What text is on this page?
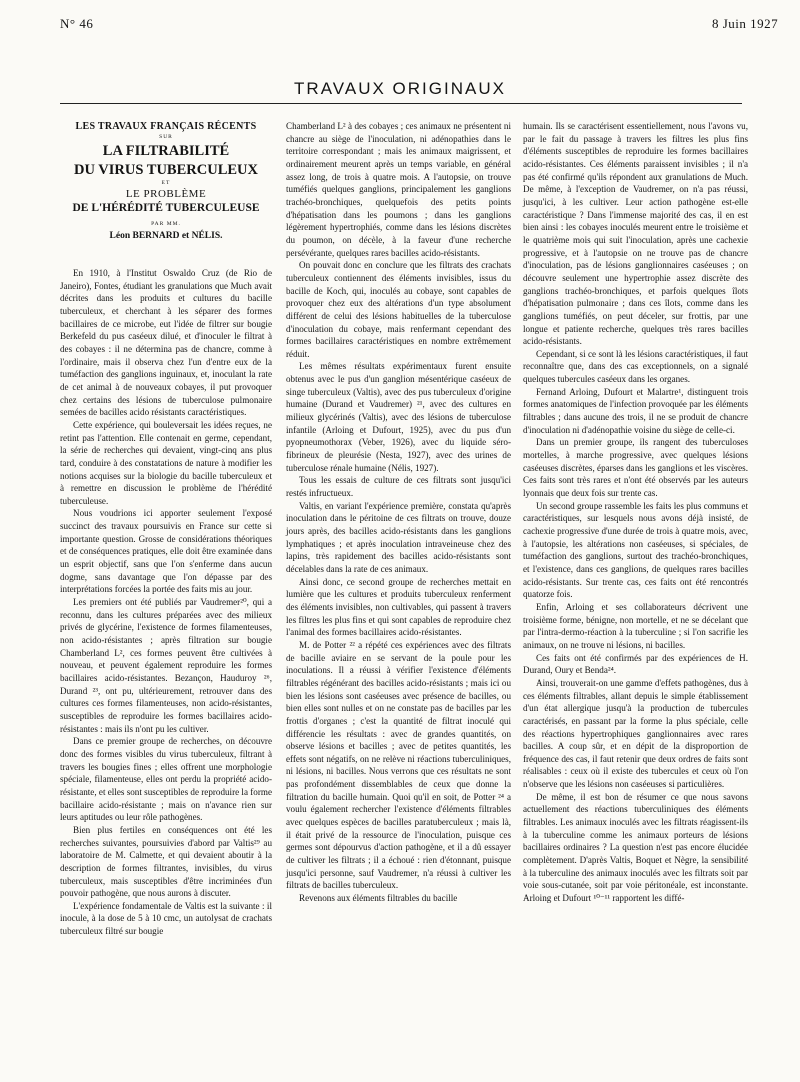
N° 46	8 Juin 1927
TRAVAUX ORIGINAUX
LES TRAVAUX FRANÇAIS RÉCENTS
SUR
LA FILTRABILITÉ
DU VIRUS TUBERCULEUX
ET
LE PROBLÈME
DE L'HÉRÉDITÉ TUBERCULEUSE
PAR MM.
Léon BERNARD et NÉLIS.

En 1910, à l'Institut Oswaldo Cruz (de Rio de Janeiro), Fontes, étudiant les granulations que Much avait décrites dans les produits et cultures du bacille tuberculeux, et cherchant à les séparer des formes bacillaires de ce microbe, eut l'idée de filtrer sur bougie Berkefeld du pus caséeux dilué, et d'inoculer le filtrat à des cobayes : il ne détermina pas de chancre, comme à l'ordinaire, mais il observa chez l'un d'entre eux de la tuméfaction des ganglions inguinaux, et, inoculant la rate de cet animal à de nouveaux cobayes, il put provoquer chez certains des lésions de tuberculose pulmonaire semées de bacilles acido résistants caractéristiques.

Cette expérience, qui bouleversait les idées reçues, ne retint pas l'attention. Elle contenait en germe, cependant, la série de recherches qui devaient, vingt-cinq ans plus tard, conduire à des constatations de nature à modifier les notions acquises sur la biologie du bacille tuberculeux et à remettre en discussion le problème de l'hérédité tuberculeuse.

Nous voudrions ici apporter seulement l'exposé succinct des travaux poursuivis en France sur cette si importante question. Grosse de considérations théoriques et de conséquences pratiques, elle doit être examinée dans un esprit objectif, sans que l'on s'enferme dans aucun dogme, sans davantage que l'on dépasse par des interprétations forcées la portée des faits mis au jour.

Les premiers ont été publiés par Vaudremer²⁰, qui a reconnu, dans les cultures préparées avec des milieux privés de glycérine, l'existence de formes filamenteuses, non acido-résistantes ; après filtration sur bougie Chamberland L², ces formes peuvent être cultivées à nouveau, et peuvent également reproduire les formes bacillaires acido-résistantes. Bezançon, Hauduroy ²⁶, Durand ²³, ont pu, ultérieurement, retrouver dans des cultures ces formes filamenteuses, non acido-résistantes, susceptibles de reproduire les formes bacillaires acido-résistantes : mais ils n'ont pu les cultiver.

Dans ce premier groupe de recherches, on découvre donc des formes visibles du virus tuberculeux, filtrant à travers les bougies fines ; elles offrent une morphologie spéciale, filamenteuse, elles ont perdu la propriété acido-résistante, et elles sont susceptibles de reproduire la forme bacillaire acido-résistante ; mais on n'avance rien sur leurs aptitudes ou leur rôle pathogènes.

Bien plus fertiles en conséquences ont été les recherches suivantes, poursuivies d'abord par Valtis²⁹ au laboratoire de M. Calmette, et qui devaient aboutir à la description de formes filtrantes, invisibles, du virus tuberculeux, mais susceptibles d'être incriminées d'un pouvoir pathogène, que nous aurons à discuter.

L'expérience fondamentale de Valtis est la suivante : il inocule, à la dose de 5 à 10 cmc, un autolysat de crachats tuberculeux filtré sur bougie

Chamberland L² à des cobayes ; ces animaux ne présentent ni chancre au siège de l'inoculation, ni adénopathies dans le territoire correspondant ; mais les animaux maigrissent, et ordinairement meurent après un temps variable, en général assez long, de trois à quatre mois. A l'autopsie, on trouve tuméfiés quelques ganglions, principalement les ganglions trachéo-bronchiques, quelquefois des petits points d'hépatisation dans les poumons ; dans les ganglions légèrement hypertrophiés, comme dans les lésions discrètes du poumon, on décèle, à la faveur d'une recherche persévérante, quelques rares bacilles acido-résistants.

On pouvait donc en conclure que les filtrats des crachats tuberculeux contiennent des éléments invisibles, issus du bacille de Koch, qui, inoculés au cobaye, sont capables de provoquer chez eux des altérations d'un type absolument différent de celui des lésions habituelles de la tuberculose d'inoculation du cobaye, mais renfermant cependant des formes bacillaires caractéristiques en nombre extrêmement réduit.

Les mêmes résultats expérimentaux furent ensuite obtenus avec le pus d'un ganglion mésentérique caséeux de singe tuberculeux (Valtis), avec des pus tuberculeux d'origine humaine (Durand et Vaudremer) ²¹, avec des cultures en milieux glycérinés (Valtis), avec des lésions de tuberculose infantile (Arloing et Dufourt, 1925), avec du pus d'un pyopneumothorax (Veber, 1926), avec du liquide séro-fibrineux de pleurésie (Nesta, 1927), avec des urines de tuberculose rénale humaine (Nélis, 1927).

Tous les essais de culture de ces filtrats sont jusqu'ici restés infructueux.

Valtis, en variant l'expérience première, constata qu'après inoculation dans le péritoine de ces filtrats on trouve, douze jours après, des bacilles acido-résistants dans les ganglions lymphatiques ; et après inoculation intraveineuse chez des lapins, très rapidement des bacilles acido-résistants sont décelables dans la rate de ces animaux.

Ainsi donc, ce second groupe de recherches mettait en lumière que les cultures et produits tuberculeux renferment des éléments invisibles, non cultivables, qui passent à travers les filtres les plus fins et qui sont capables de reproduire chez l'animal des formes bacillaires acido-résistantes.

M. de Potter ²² a répété ces expériences avec des filtrats de bacille aviaire en se servant de la poule pour les inoculations. Il a réussi à vérifier l'existence d'éléments filtrables régénérant des bacilles acido-résistants ; mais ici ou bien les lésions sont caséeuses avec présence de bacilles, ou bien elles sont nulles et on ne constate pas de bacilles par les frottis d'organes ; c'est la quantité de filtrat inoculé qui différencie les résultats : avec de grandes quantités, on observe lésions et bacilles ; avec de petites quantités, les effets sont négatifs, on ne relève ni réactions tuberculiniques, ni lésions, ni bacilles. Nous verrons que ces résultats ne sont pas profondément dissemblables de ceux que donne la filtration du bacille humain. Quoi qu'il en soit, de Potter ²⁴ a voulu également rechercher l'existence d'éléments filtrables avec quelques espèces de bacilles paratuberculeux ; mais là, il était privé de la ressource de l'inoculation, puisque ces germes sont dépourvus d'action pathogène, et il a dû essayer de cultiver les filtrats ; il a échoué : rien d'étonnant, puisque jusqu'ici personne, sauf Vaudremer, n'a réussi à cultiver les filtrats de bacilles tuberculeux.

Revenons aux éléments filtrables du bacille

humain. Ils se caractérisent essentiellement, nous l'avons vu, par le fait du passage à travers les filtres les plus fins d'éléments susceptibles de reproduire les formes bacillaires acido-résistantes. Ces éléments paraissent invisibles ; il n'a pas été confirmé qu'ils répondent aux granulations de Much. De même, à l'exception de Vaudremer, on n'a pas réussi, jusqu'ici, à les cultiver. Leur action pathogène est-elle caractéristique ? Dans l'immense majorité des cas, il en est bien ainsi : les cobayes inoculés meurent entre le troisième et le quatrième mois qui suit l'inoculation, après une cachexie progressive, et à l'autopsie on ne trouve pas de chancre d'inoculation, pas de lésions ganglionnaires caséeuses ; on découvre seulement une hypertrophie assez discrète des ganglions trachéo-bronchiques, et parfois quelques îlots d'hépatisation pulmonaire ; dans ces îlots, comme dans les ganglions tuméfiés, on peut déceler, sur frottis, par une longue et patiente recherche, quelques très rares bacilles acido-résistants.

Cependant, si ce sont là les lésions caractéristiques, il faut reconnaître que, dans des cas exceptionnels, on a signalé quelques tubercules caséeux dans les organes.

Fernand Arloing, Dufourt et Malartre¹, distinguent trois formes anatomiques de l'infection provoquée par les éléments filtrables ; dans aucune des trois, il ne se produit de chancre d'inoculation ni d'adénopathie voisine du siège de celle-ci.

Dans un premier groupe, ils rangent des tuberculoses mortelles, à marche progressive, avec quelques lésions caséeuses discrètes, éparses dans les ganglions et les viscères. Ces faits sont très rares et n'ont été observés par les auteurs lyonnais que deux fois sur trente cas.

Un second groupe rassemble les faits les plus communs et caractéristiques, sur lesquels nous avons déjà insisté, de cachexie progressive d'une durée de trois à quatre mois, avec, à l'autopsie, les altérations non caséeuses, si spéciales, de tuméfaction des ganglions, surtout des trachéo-bronchiques, et l'existence, dans ces ganglions, de quelques rares bacilles acido-résistants. Sur trente cas, ces faits ont été rencontrés quatorze fois.

Enfin, Arloing et ses collaborateurs décrivent une troisième forme, bénigne, non mortelle, et ne se décelant que par l'intra-dermo-réaction à la tuberculine ; si l'on sacrifie les animaux, on ne trouve ni lésions, ni bacilles.

Ces faits ont été confirmés par des expériences de H. Durand, Oury et Benda²⁴.

Ainsi, trouverait-on une gamme d'effets pathogènes, dus à ces éléments filtrables, allant depuis le simple établissement d'un état allergique jusqu'à la production de tubercules caractérisés, en passant par la forme la plus spéciale, celle des réactions hypertrophiques ganglionnaires avec rares bacilles. A coup sûr, et en dépit de la disproportion de fréquence des cas, il faut retenir que deux ordres de faits sont réalisables : ceux où il existe des tubercules et ceux où l'on n'observe que les lésions non caséeuses si particulières.

De même, il est bon de résumer ce que nous savons actuellement des réactions tuberculiniques des éléments filtrables. Les animaux inoculés avec les filtrats réagissent-ils à la tuberculine comme les animaux porteurs de lésions bacillaires ordinaires ? La question n'est pas encore élucidée complètement. D'après Valtis, Boquet et Nègre, la sensibilité à la tuberculine des animaux inoculés avec les filtrats soit par voie sous-cutanée, soit par voie péritonéale, est inconstante. Arloing et Dufourt ¹⁰⁻¹¹ rapportent les diffé-
